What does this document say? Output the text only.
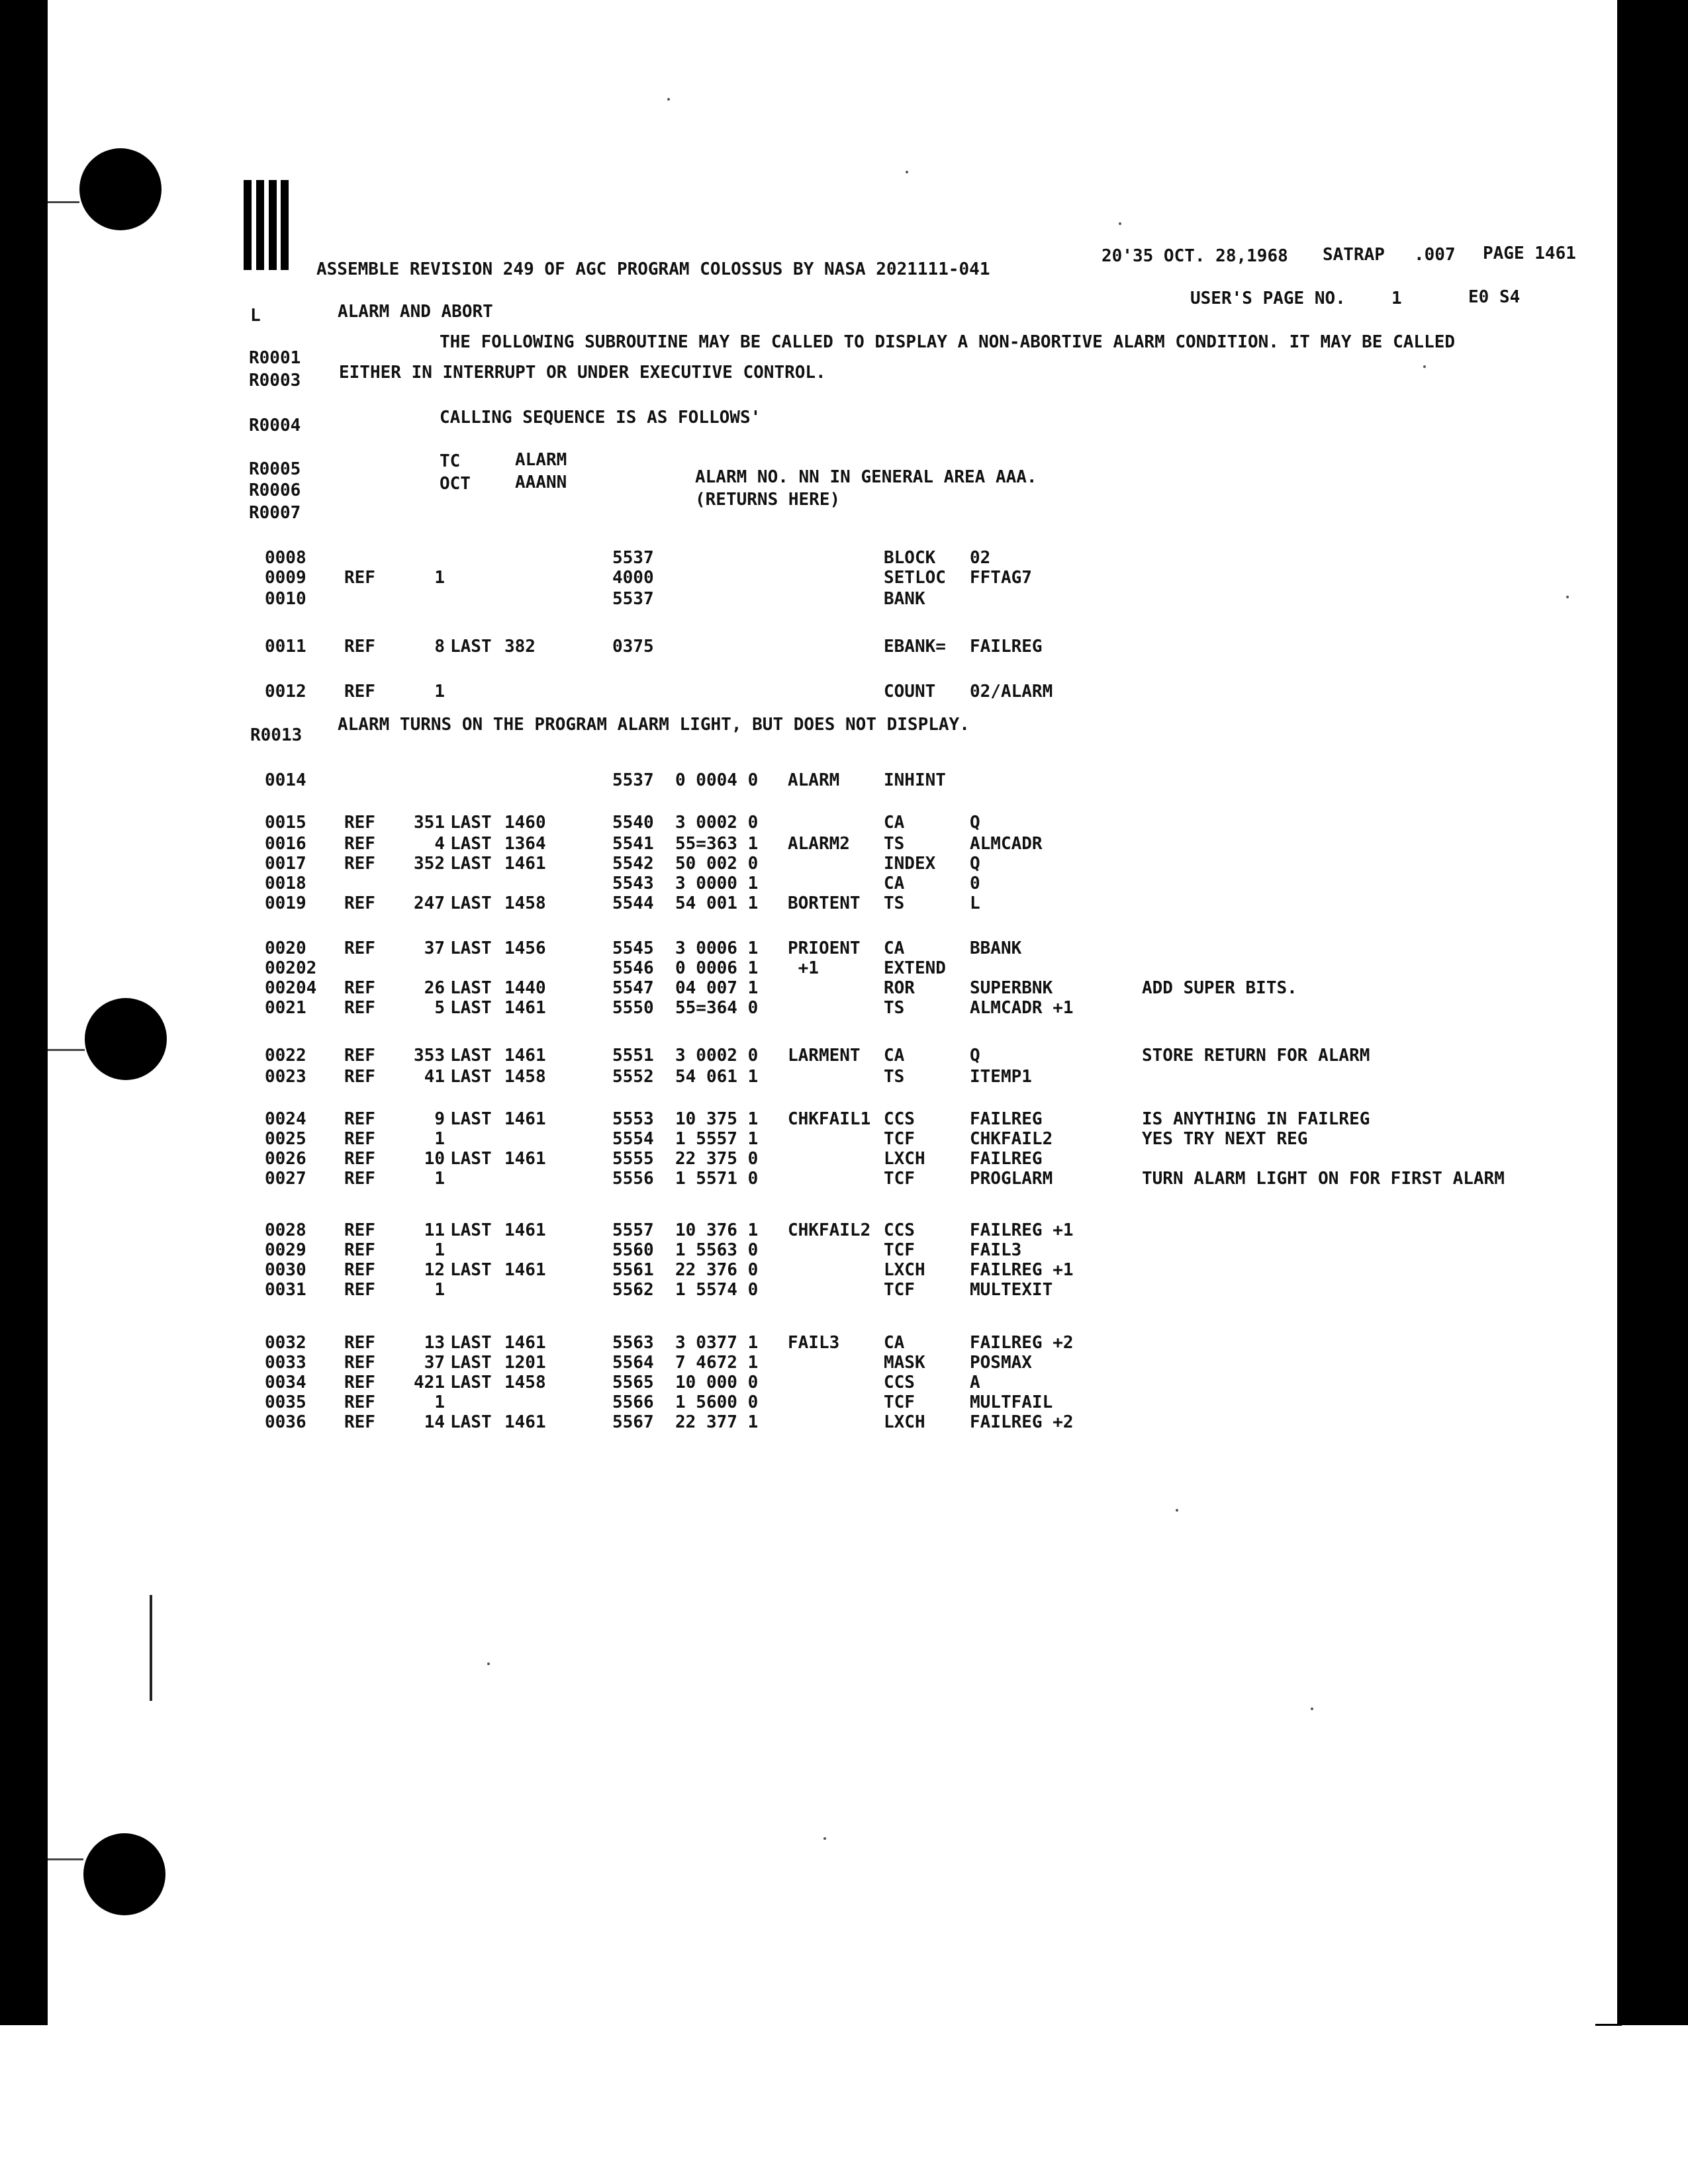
ASSEMBLE REVISION 249 OF AGC PROGRAM COLOSSUS BY NASA 2021111-041
20'35 OCT. 28,1968 SATRAP .007 PAGE 1461
L	ALARM AND ABORT
USER'S PAGE NO.	1	E0 S4
R0001
THE FOLLOWING SUBROUTINE MAY BE CALLED TO DISPLAY A NON-ABORTIVE ALARM CONDITION. IT MAY BE CALLED
R0003 EITHER IN INTERRUPT OR UNDER EXECUTIVE CONTROL.
R0004	CALLING SEQUENCE IS AS FOLLOWS'
R0005	TC	ALARM
R0006	OCT	AAANN	ALARM NO. NN IN GENERAL AREA AAA.
R0007
(RETURNS HERE)
R0013
ALARM TURNS ON THE PROGRAM ALARM LIGHT, BUT DOES NOT DISPLAY.
0008	5537	BLOCK 02
0009 REF	1	4000	SETLOC FFTAG7
0010	5537	BANK
0011 REF	8 LAST 382	0375	EBANK= FAILREG
0012 REF	1	COUNT 02/ALARM
0014	5537 0 0004 0 ALARM	INHINT
0015 REF	351 LAST 1460	5540 3 0002 0	CA	Q
0016 REF	4 LAST 1364	5541 55=363 1 ALARM2 TS	ALMCADR
0017 REF	352 LAST 1461	5542 50 002 0	INDEX Q
0018	5543 3 0000 1	CA	0
0019 REF	247 LAST 1458	5544 54 001 1 BORTENT TS	L
0020 REF	37 LAST 1456	5545 3 0006 1 PRIOENT CA	BBANK
00202	5546 0 0006 1 +1	EXTEND
00204 REF	26 LAST 1440	5547 04 007 1	ROR	SUPERBNK	ADD SUPER BITS.
0021 REF	5 LAST 1461	5550 55=364 0	TS	ALMCADR +1
0022 REF	353 LAST 1461	5551 3 0002 0 LARMENT CA	Q	STORE RETURN FOR ALARM
0023 REF	41 LAST 1458	5552 54 061 1	TS	ITEMP1
0024 REF	9 LAST 1461	5553 10 375 1 CHKFAIL1 CCS	FAILREG	IS ANYTHING IN FAILREG
0025 REF	1	5554 1 5557 1	TCF	CHKFAIL2	YES TRY NEXT REG
0026 REF	10 LAST 1461	5555 22 375 0	LXCH	FAILREG
0027 REF	1	5556 1 5571 0	TCF	PROGLARM	TURN ALARM LIGHT ON FOR FIRST ALARM
0028 REF	11 LAST 1461	5557 10 376 1 CHKFAIL2 CCS	FAILREG +1
0029 REF	1	5560 1 5563 0	TCF	FAIL3
0030 REF	12 LAST 1461	5561 22 376 0	LXCH	FAILREG +1
0031 REF	1	5562 1 5574 0	TCF	MULTEXIT
0032 REF	13 LAST 1461	5563 3 0377 1 FAIL3	CA	FAILREG +2
0033 REF	37 LAST 1201	5564 7 4672 1	MASK	POSMAX
0034 REF	421 LAST 1458	5565 10 000 0	CCS	A
0035 REF	1	5566 1 5600 0	TCF	MULTFAIL
0036 REF	14 LAST 1461	5567 22 377 1	LXCH	FAILREG +2
